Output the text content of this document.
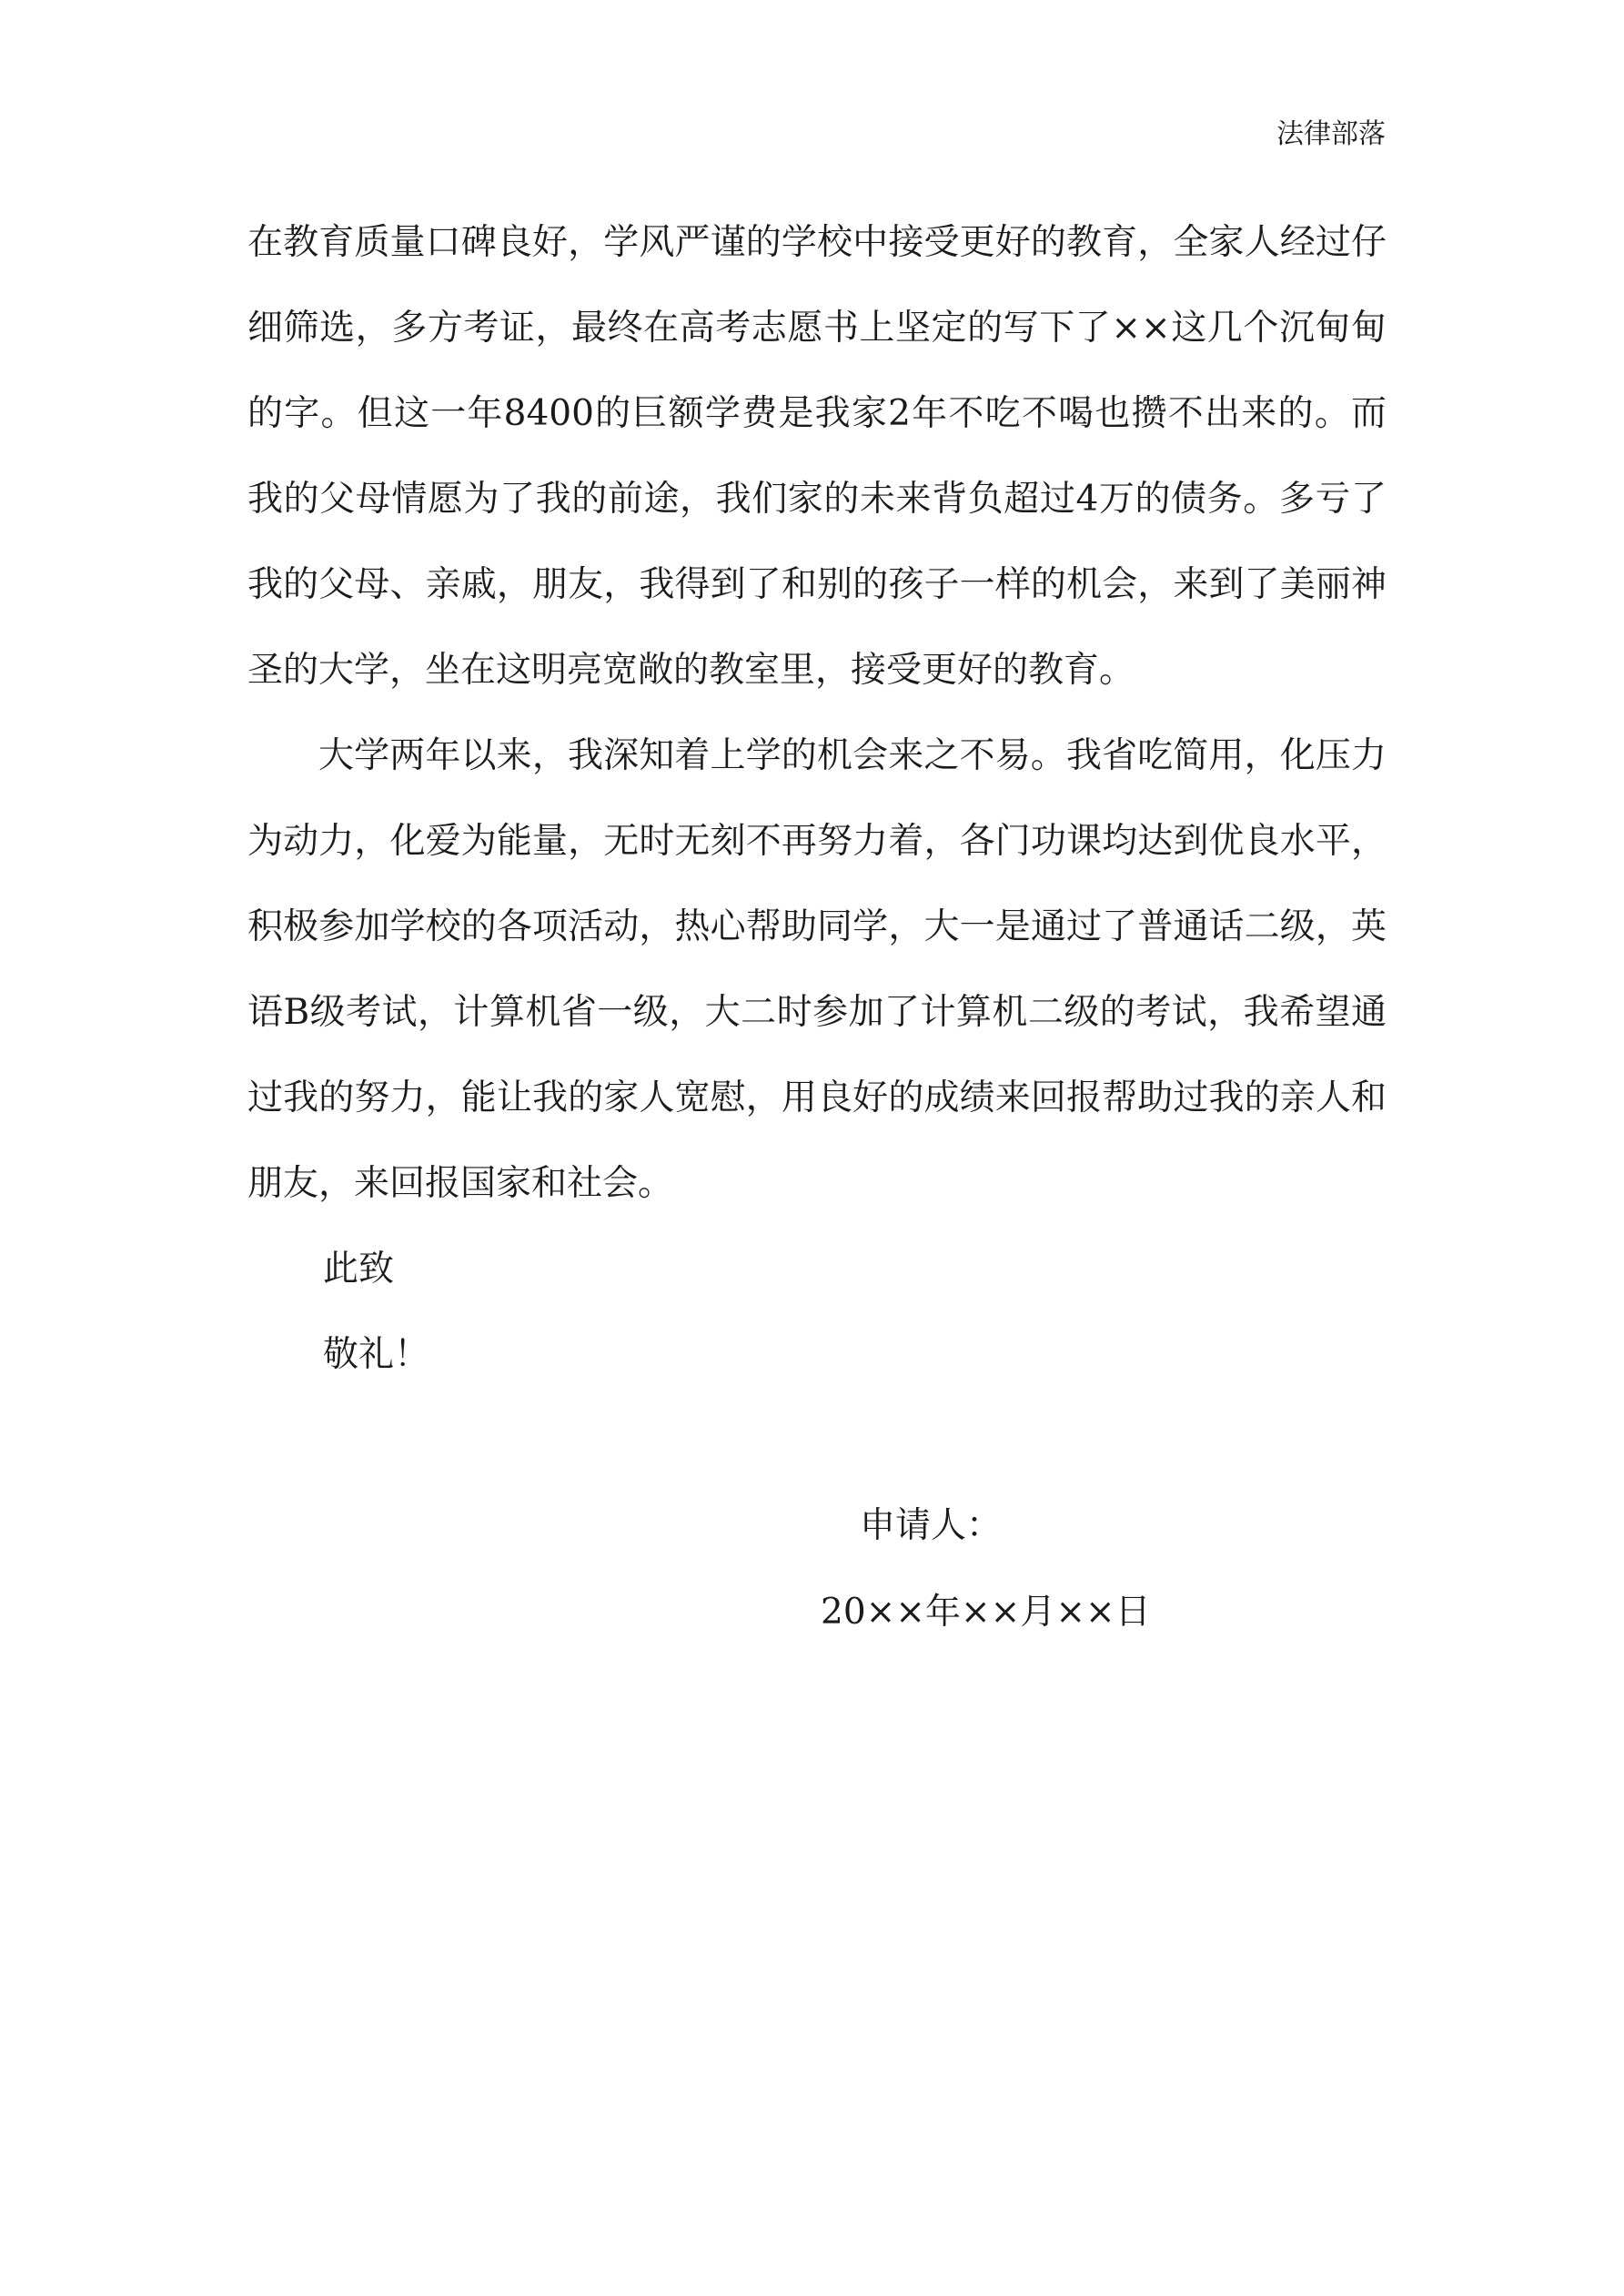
法律部落

在教育质量口碑良好，学风严谨的学校中接受更好的教育，全家人经过仔细筛选，多方考证，最终在高考志愿书上坚定的写下了××这几个沉甸甸的字。但这一年8400的巨额学费是我家2年不吃不喝也攒不出来的。而我的父母情愿为了我的前途，我们家的未来背负超过4万的债务。多亏了我的父母、亲戚，朋友，我得到了和别的孩子一样的机会，来到了美丽神圣的大学，坐在这明亮宽敞的教室里，接受更好的教育。

大学两年以来，我深知着上学的机会来之不易。我省吃简用，化压力为动力，化爱为能量，无时无刻不再努力着，各门功课均达到优良水平，积极参加学校的各项活动，热心帮助同学，大一是通过了普通话二级，英语B级考试，计算机省一级，大二时参加了计算机二级的考试，我希望通过我的努力，能让我的家人宽慰，用良好的成绩来回报帮助过我的亲人和朋友，来回报国家和社会。

此致

敬礼！

申请人：
20××年××月××日
